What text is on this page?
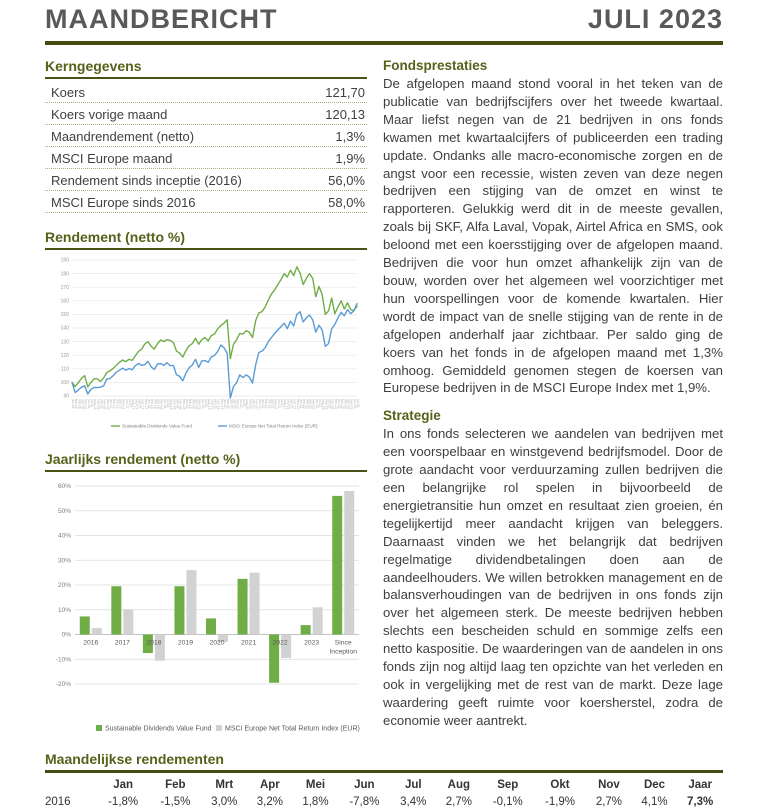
MAANDBERICHT	JULI 2023
Kerngegevens
Koers	121,70
Koers vorige maand	120,13
Maandrendement (netto)	1,3%
MSCI Europe maand	1,9%
Rendement sinds inceptie (2016)	56,0%
MSCI Europe sinds 2016	58,0%
Rendement (netto %)
90
100
110
120
130
140
150
160
170
180
190
jan-16 feb-16 mrt-16 apr-16 mei-16 jun-16 jul-16 aug-16 sep-16 okt-16 nov-16 dec-16 jan-17 feb-17 mrt-17 apr-17 mei-17 jun-17 jul-17 aug-17 sep-17 okt-17 nov-17 dec-17 jan-18 feb-18 mrt-18 apr-18 mei-18 jun-18 jul-18 aug-18 sep-18 okt-18 nov-18 dec-18 jan-19 feb-19 mrt-19 apr-19 mei-19 jun-19 jul-19 aug-19 sep-19 okt-19 nov-19 dec-19 jan-20 feb-20 mrt-20 apr-20 mei-20 jun-20 jul-20 aug-20 sep-20 okt-20 nov-20 dec-20 jan-21 feb-21 mrt-21 apr-21 mei-21 jun-21 jul-21 aug-21 sep-21 okt-21 nov-21 dec-21 jan-22 feb-22 mrt-22 apr-22 mei-22 jun-22 jul-22 aug-22 sep-22 okt-22 nov-22 dec-22 jan-23 feb-23 mrt-23 apr-23 mei-23 jun-23 jul-23
Sustainable Dividends Value Fund	MSCI Europe Net Total Return Index (EUR)
Jaarlijks rendement (netto %)
-20%
-10%
0%
10%
20%
30%
40%
50%
60%
2016 2017 2018 2019 2020 2021 2022 2023 Since
Inception
Sustainable Dividends Value Fund MSCI Europe Net Total Return Index (EUR)
Fondsprestaties

De afgelopen maand stond vooral in het teken van de publicatie van bedrijfscijfers over het tweede kwartaal. Maar liefst negen van de 21 bedrijven in ons fonds kwamen met kwartaalcijfers of publiceerden een trading update. Ondanks alle macro-economische zorgen en de angst voor een recessie, wisten zeven van deze negen bedrijven een stijging van de omzet en winst te rapporteren. Gelukkig werd dit in de meeste gevallen, zoals bij SKF, Alfa Laval, Vopak, Airtel Africa en SMS, ook beloond met een koersstijging over de afgelopen maand. Bedrijven die voor hun omzet afhankelijk zijn van de bouw, worden over het algemeen wel voorzichtiger met hun voorspellingen voor de komende kwartalen. Hier wordt de impact van de snelle stijging van de rente in de afgelopen anderhalf jaar zichtbaar. Per saldo ging de koers van het fonds in de afgelopen maand met 1,3% omhoog. Gemiddeld genomen stegen de koersen van Europese bedrijven in de MSCI Europe Index met 1,9%.

Strategie

In ons fonds selecteren we aandelen van bedrijven met een voorspelbaar en winstgevend bedrijfsmodel. Door de grote aandacht voor verduurzaming zullen bedrijven die een belangrijke rol spelen in bijvoorbeeld de energietransitie hun omzet en resultaat zien groeien, én tegelijkertijd meer aandacht krijgen van beleggers. Daarnaast vinden we het belangrijk dat bedrijven regelmatige dividendbetalingen doen aan de aandeelhouders. We willen betrokken management en de balansverhoudingen van de bedrijven in ons fonds zijn over het algemeen sterk. De meeste bedrijven hebben slechts een bescheiden schuld en sommige zelfs een netto kaspositie. De waarderingen van de aandelen in ons fonds zijn nog altijd laag ten opzichte van het verleden en ook in vergelijking met de rest van de markt. Deze lage waardering geeft ruimte voor koersherstel, zodra de economie weer aantrekt.

Maandelijkse rendementen
	Jan	Feb	Mrt	Apr	Mei	Jun	Jul	Aug	Sep	Okt	Nov	Dec	Jaar
2016	-1,8%	-1,5%	3,0%	3,2%	1,8%	-7,8%	3,4%	2,7%	-0,1%	-1,9%	2,7%	4,1%	7,3%
